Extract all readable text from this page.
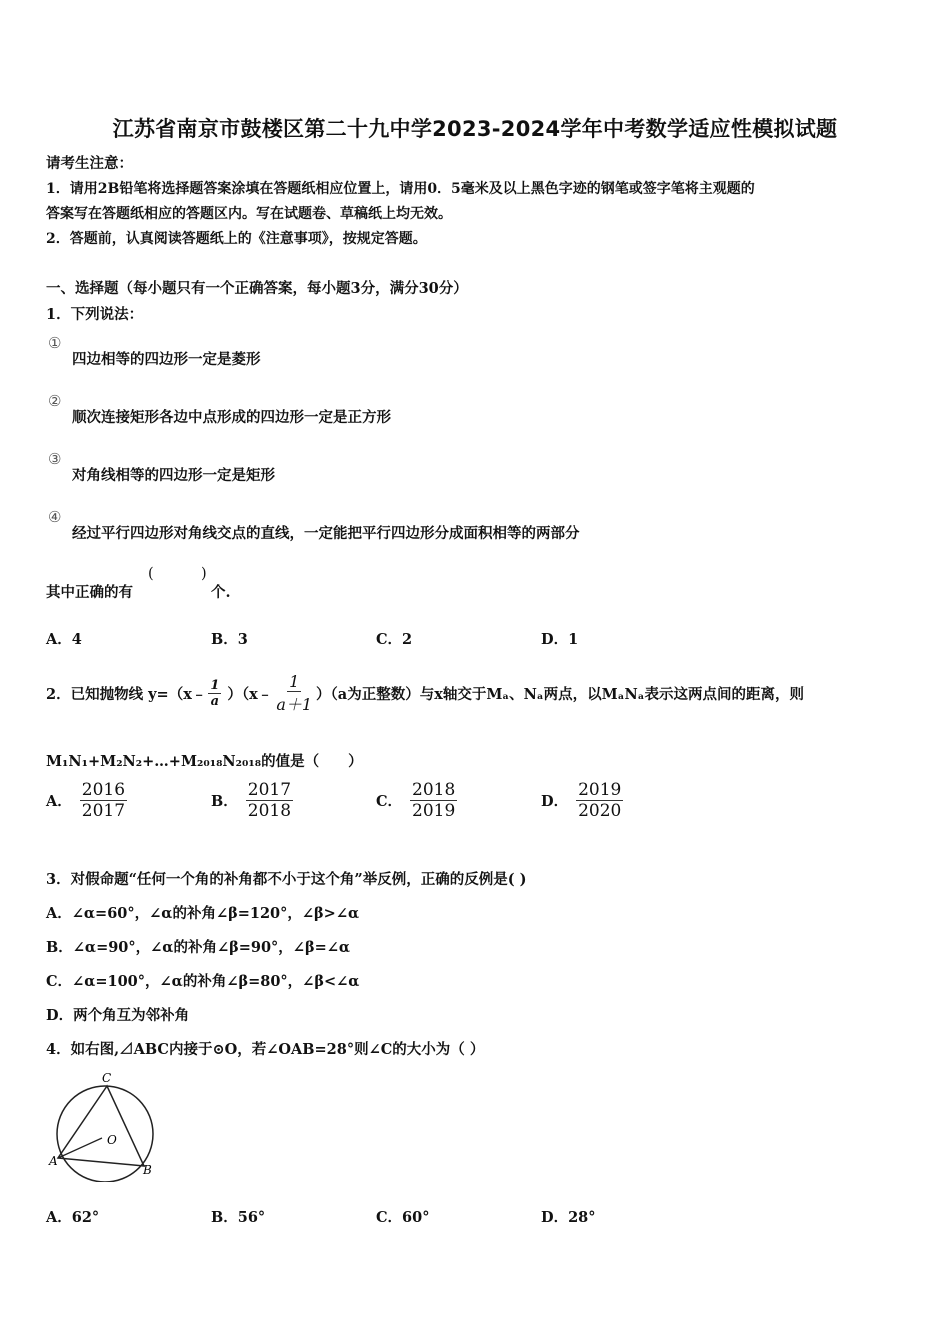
江苏省南京市鼓楼区第二十九中学2023-2024学年中考数学适应性模拟试题
请考生注意：
1．请用2B铅笔将选择题答案涂填在答题纸相应位置上，请用0．5毫米及以上黑色字迹的钢笔或签字笔将主观题的
答案写在答题纸相应的答题区内。写在试题卷、草稿纸上均无效。
2．答题前，认真阅读答题纸上的《注意事项》，按规定答题。
一、选择题（每小题只有一个正确答案，每小题3分，满分30分）
1．下列说法：
①
四边相等的四边形一定是菱形
②
顺次连接矩形各边中点形成的四边形一定是正方形
③
对角线相等的四边形一定是矩形
④
经过平行四边形对角线交点的直线，一定能把平行四边形分成面积相等的两部分
其中正确的有
(	)
个.
A．4	B．3	C．2	D．1
2．已知抛物线 y=（x﹣ $\frac{1}{a}$ ）（x﹣ $\frac{1}{a+1} )(a$为正整数）与x轴交于Mₐ、Nₐ两点，以MₐNₐ表示这两点间的距离，则
M₁N₁+M₂N₂+…+M₂₀₁₈N₂₀₁₈的值是（　　）
A． $\frac{2016}{2017}$	B． $\frac{2017}{2018}$	C． $\frac{2018}{2019}$	D． $\frac{2019}{2020}$
3．对假命题“任何一个角的补角都不小于这个角”举反例，正确的反例是( )
A．∠α=60°，∠α的补角∠β=120°，∠β>∠α
B．∠α=90°，∠α的补角∠β=90°，∠β=∠α
C．∠α=100°，∠α的补角∠β=80°，∠β<∠α
D．两个角互为邻补角
4．如右图,⊿ABC内接于⊙O，若∠OAB=28°则∠C的大小为（ ）
C
O
A
B
A．62°	B．56°	C．60°	D．28°
